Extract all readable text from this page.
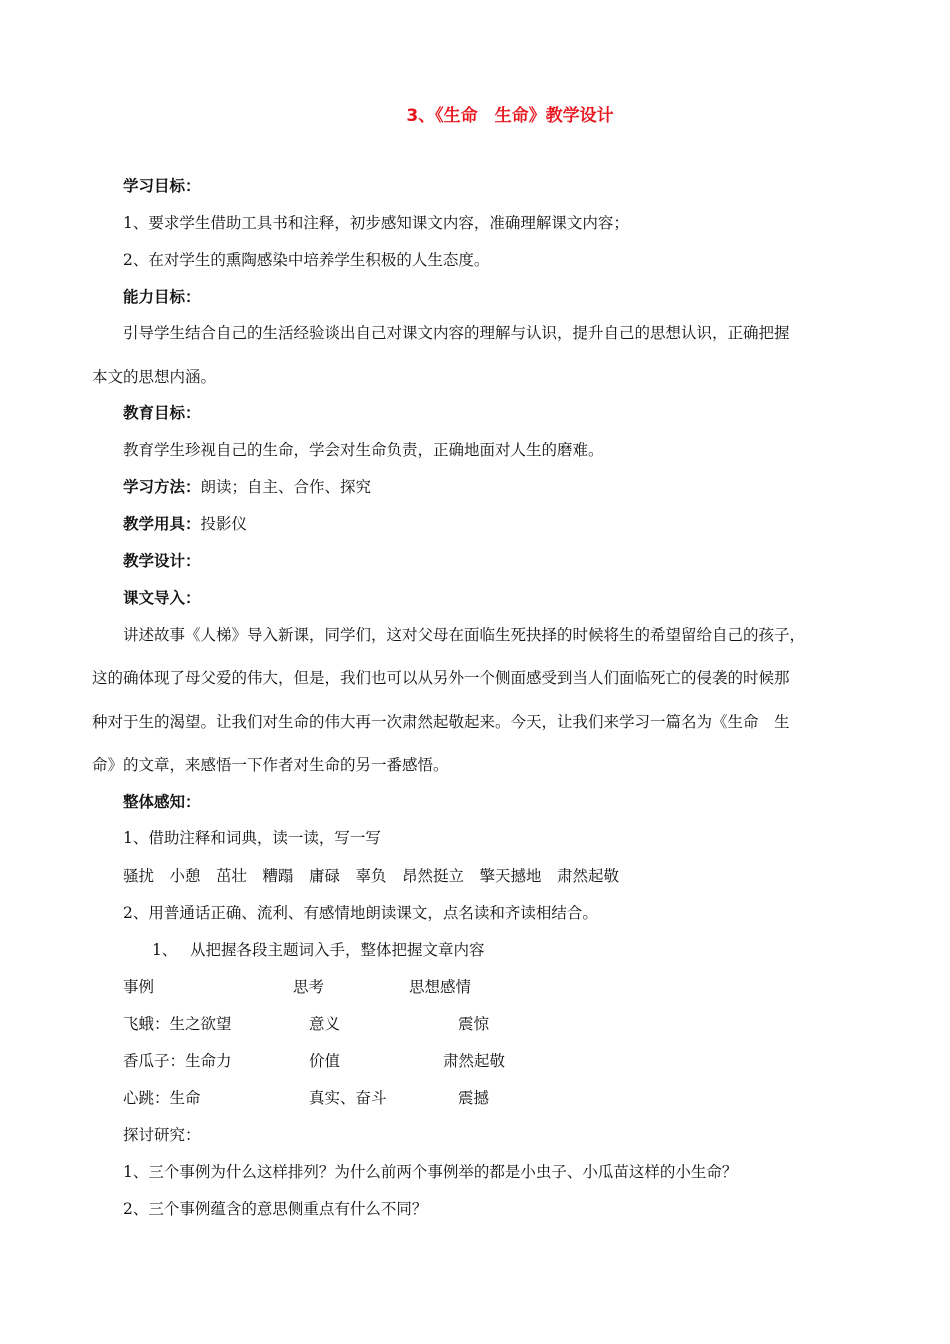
3、《生命　生命》教学设计
学习目标：
1、要求学生借助工具书和注释，初步感知课文内容，准确理解课文内容；
2、在对学生的熏陶感染中培养学生积极的人生态度。
能力目标：
引导学生结合自己的生活经验谈出自己对课文内容的理解与认识，提升自己的思想认识，正确把握
本文的思想内涵。
教育目标：
教育学生珍视自己的生命，学会对生命负责，正确地面对人生的磨难。
学习方法：朗读；自主、合作、探究
教学用具：投影仪
教学设计：
课文导入：
讲述故事《人梯》导入新课，同学们，这对父母在面临生死抉择的时候将生的希望留给自己的孩子，
这的确体现了母父爱的伟大，但是，我们也可以从另外一个侧面感受到当人们面临死亡的侵袭的时候那
种对于生的渴望。让我们对生命的伟大再一次肃然起敬起来。今天，让我们来学习一篇名为《生命　生
命》的文章，来感悟一下作者对生命的另一番感悟。
整体感知：
1、借助注释和词典，读一读，写一写
骚扰　小憩　茁壮　糟蹋　庸碌　辜负　昂然挺立　擎天撼地　肃然起敬
2、用普通话正确、流利、有感情地朗读课文，点名读和齐读相结合。
1、　 从把握各段主题词入手，整体把握文章内容
事例	思考	思想感情
飞蛾：生之欲望	意义	震惊
香瓜子：生命力	价值	肃然起敬
心跳：生命	真实、奋斗	震撼
探讨研究：
1、三个事例为什么这样排列？为什么前两个事例举的都是小虫子、小瓜苗这样的小生命？
2、三个事例蕴含的意思侧重点有什么不同？
